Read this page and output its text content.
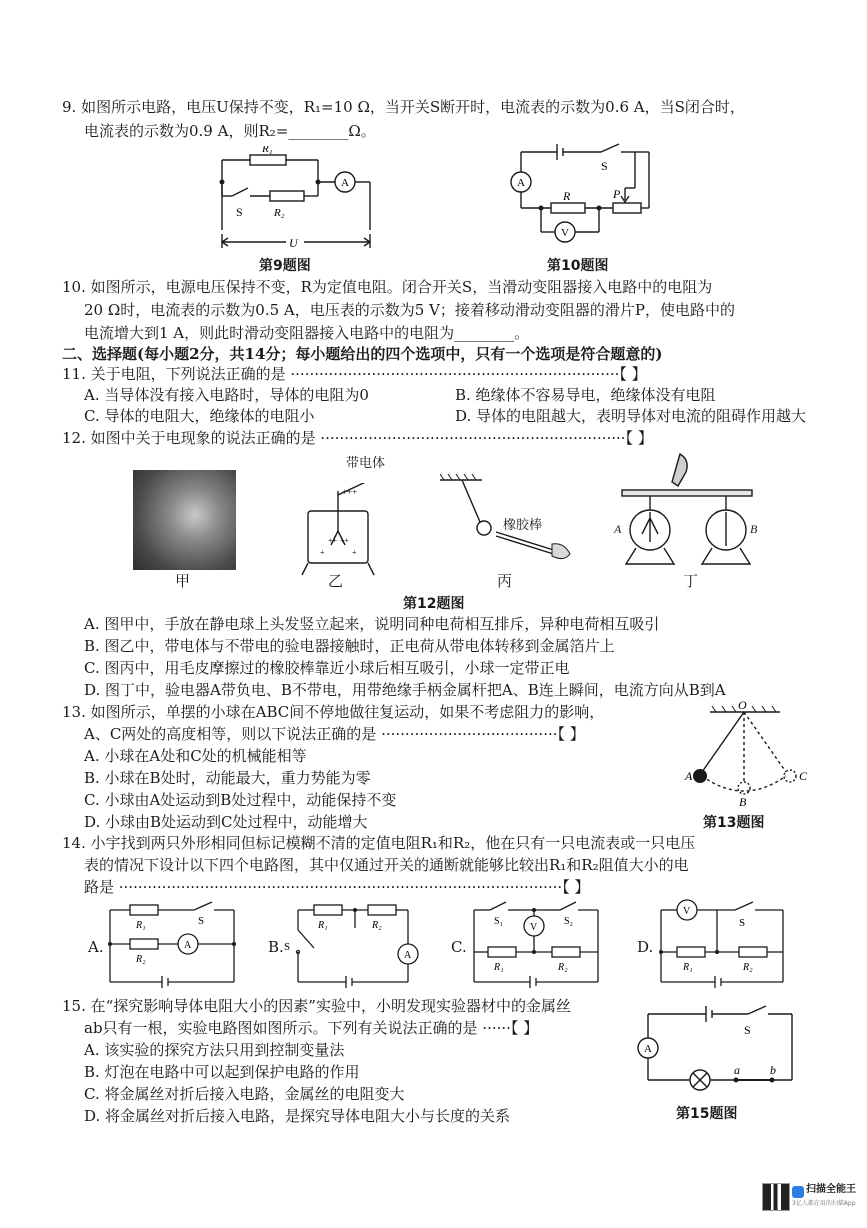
9. 如图所示电路，电压U保持不变，R₁=10 Ω，当开关S断开时，电流表的示数为0.6 A，当S闭合时，
电流表的示数为0.9 A，则R₂=________Ω。
R₁
R₂
S
A
U
第9题图
S
A
R	P
V
第10题图
10. 如图所示，电源电压保持不变，R为定值电阻。闭合开关S，当滑动变阻器接入电路中的电阻为
20 Ω时，电流表的示数为0.5 A，电压表的示数为5 V；接着移动滑动变阻器的滑片P，使电路中的
电流增大到1 A，则此时滑动变阻器接入电路中的电阻为________。
二、选择题(每小题2分，共14分；每小题给出的四个选项中，只有一个选项是符合题意的)
11. 关于电阻，下列说法正确的是 ·····································································【 】
A. 当导体没有接入电路时，导体的电阻为0	B. 绝缘体不容易导电，绝缘体没有电阻
C. 导体的电阻大，绝缘体的电阻小	D. 导体的电阻越大，表明导体对电流的阻碍作用越大
12. 如图中关于电现象的说法正确的是 ································································【 】
+++
++ ++
+	+
带电体
橡胶棒	A	B
甲	乙	丙	丁
第12题图
A. 图甲中，手放在静电球上头发竖立起来，说明同种电荷相互排斥，异种电荷相互吸引
B. 图乙中，带电体与不带电的验电器接触时，正电荷从带电体转移到金属箔片上
C. 图丙中，用毛皮摩擦过的橡胶棒靠近小球后相互吸引，小球一定带正电
D. 图丁中，验电器A带负电、B不带电，用带绝缘手柄金属杆把A、B连上瞬间，电流方向从B到A
13. 如图所示，单摆的小球在ABC间不停地做往复运动，如果不考虑阻力的影响，
A、C两处的高度相等，则以下说法正确的是 ·····································【 】
A. 小球在A处和C处的机械能相等
B. 小球在B处时，动能最大，重力势能为零
C. 小球由A处运动到B处过程中，动能保持不变
D. 小球由B处运动到C处过程中，动能增大
O
A
B
C
第13题图
14. 小宇找到两只外形相同但标记模糊不清的定值电阻R₁和R₂，他在只有一只电流表或一只电压
表的情况下设计以下四个电路图，其中仅通过开关的通断就能够比较出R₁和R₂阻值大小的电
路是 ·····························································································【 】
A.
R₁
R₂
S
A	B.
R₁	R₂
S
A	C.
S₁	S₂
V
R₁	R₂
D.
V
S
R₁	R₂
15. 在“探究影响导体电阻大小的因素”实验中，小明发现实验器材中的金属丝
ab只有一根，实验电路图如图所示。下列有关说法正确的是 ······【 】
A. 该实验的探究方法只用到控制变量法
B. 灯泡在电路中可以起到保护电路的作用
C. 将金属丝对折后接入电路，金属丝的电阻变大
D. 将金属丝对折后接入电路，是探究导体电阻大小与长度的关系
A
S
a	b
第15题图
扫描全能王
3亿人都在用的扫描App
